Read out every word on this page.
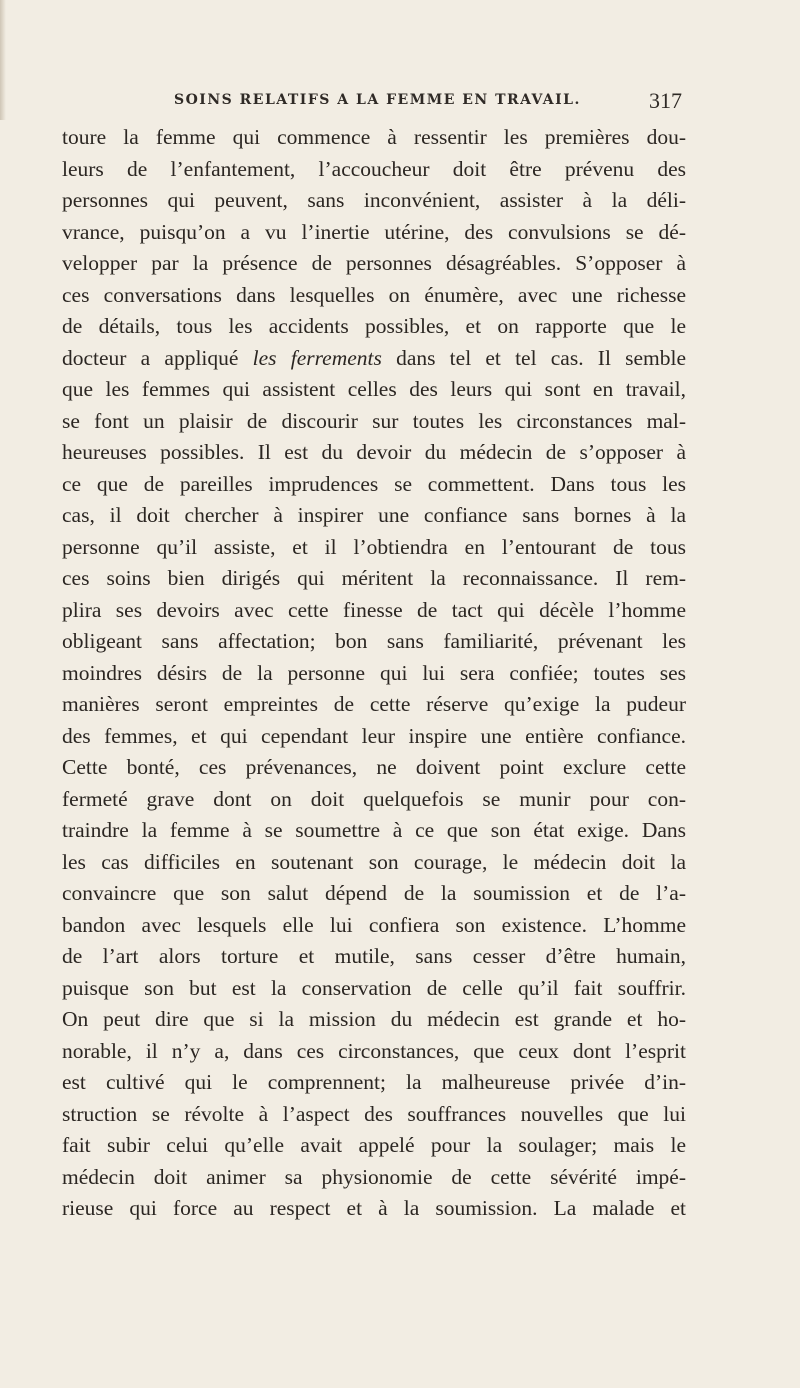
SOINS RELATIFS A LA FEMME EN TRAVAIL.	317
toure la femme qui commence à ressentir les premières dou-
leurs de l’enfantement, l’accoucheur doit être prévenu des
personnes qui peuvent, sans inconvénient, assister à la déli-
vrance, puisqu’on a vu l’inertie utérine, des convulsions se dé-
velopper par la présence de personnes désagréables. S’opposer à
ces conversations dans lesquelles on énumère, avec une richesse
de détails, tous les accidents possibles, et on rapporte que le
docteur a appliqué les ferrements dans tel et tel cas. Il semble
que les femmes qui assistent celles des leurs qui sont en travail,
se font un plaisir de discourir sur toutes les circonstances mal-
heureuses possibles. Il est du devoir du médecin de s’opposer à
ce que de pareilles imprudences se commettent. Dans tous les
cas, il doit chercher à inspirer une confiance sans bornes à la
personne qu’il assiste, et il l’obtiendra en l’entourant de tous
ces soins bien dirigés qui méritent la reconnaissance. Il rem-
plira ses devoirs avec cette finesse de tact qui décèle l’homme
obligeant sans affectation; bon sans familiarité, prévenant les
moindres désirs de la personne qui lui sera confiée; toutes ses
manières seront empreintes de cette réserve qu’exige la pudeur
des femmes, et qui cependant leur inspire une entière confiance.
Cette bonté, ces prévenances, ne doivent point exclure cette
fermeté grave dont on doit quelquefois se munir pour con-
traindre la femme à se soumettre à ce que son état exige. Dans
les cas difficiles en soutenant son courage, le médecin doit la
convaincre que son salut dépend de la soumission et de l’a-
bandon avec lesquels elle lui confiera son existence. L’homme
de l’art alors torture et mutile, sans cesser d’être humain,
puisque son but est la conservation de celle qu’il fait souffrir.
On peut dire que si la mission du médecin est grande et ho-
norable, il n’y a, dans ces circonstances, que ceux dont l’esprit
est cultivé qui le comprennent; la malheureuse privée d’in-
struction se révolte à l’aspect des souffrances nouvelles que lui
fait subir celui qu’elle avait appelé pour la soulager; mais le
médecin doit animer sa physionomie de cette sévérité impé-
rieuse qui force au respect et à la soumission. La malade et
